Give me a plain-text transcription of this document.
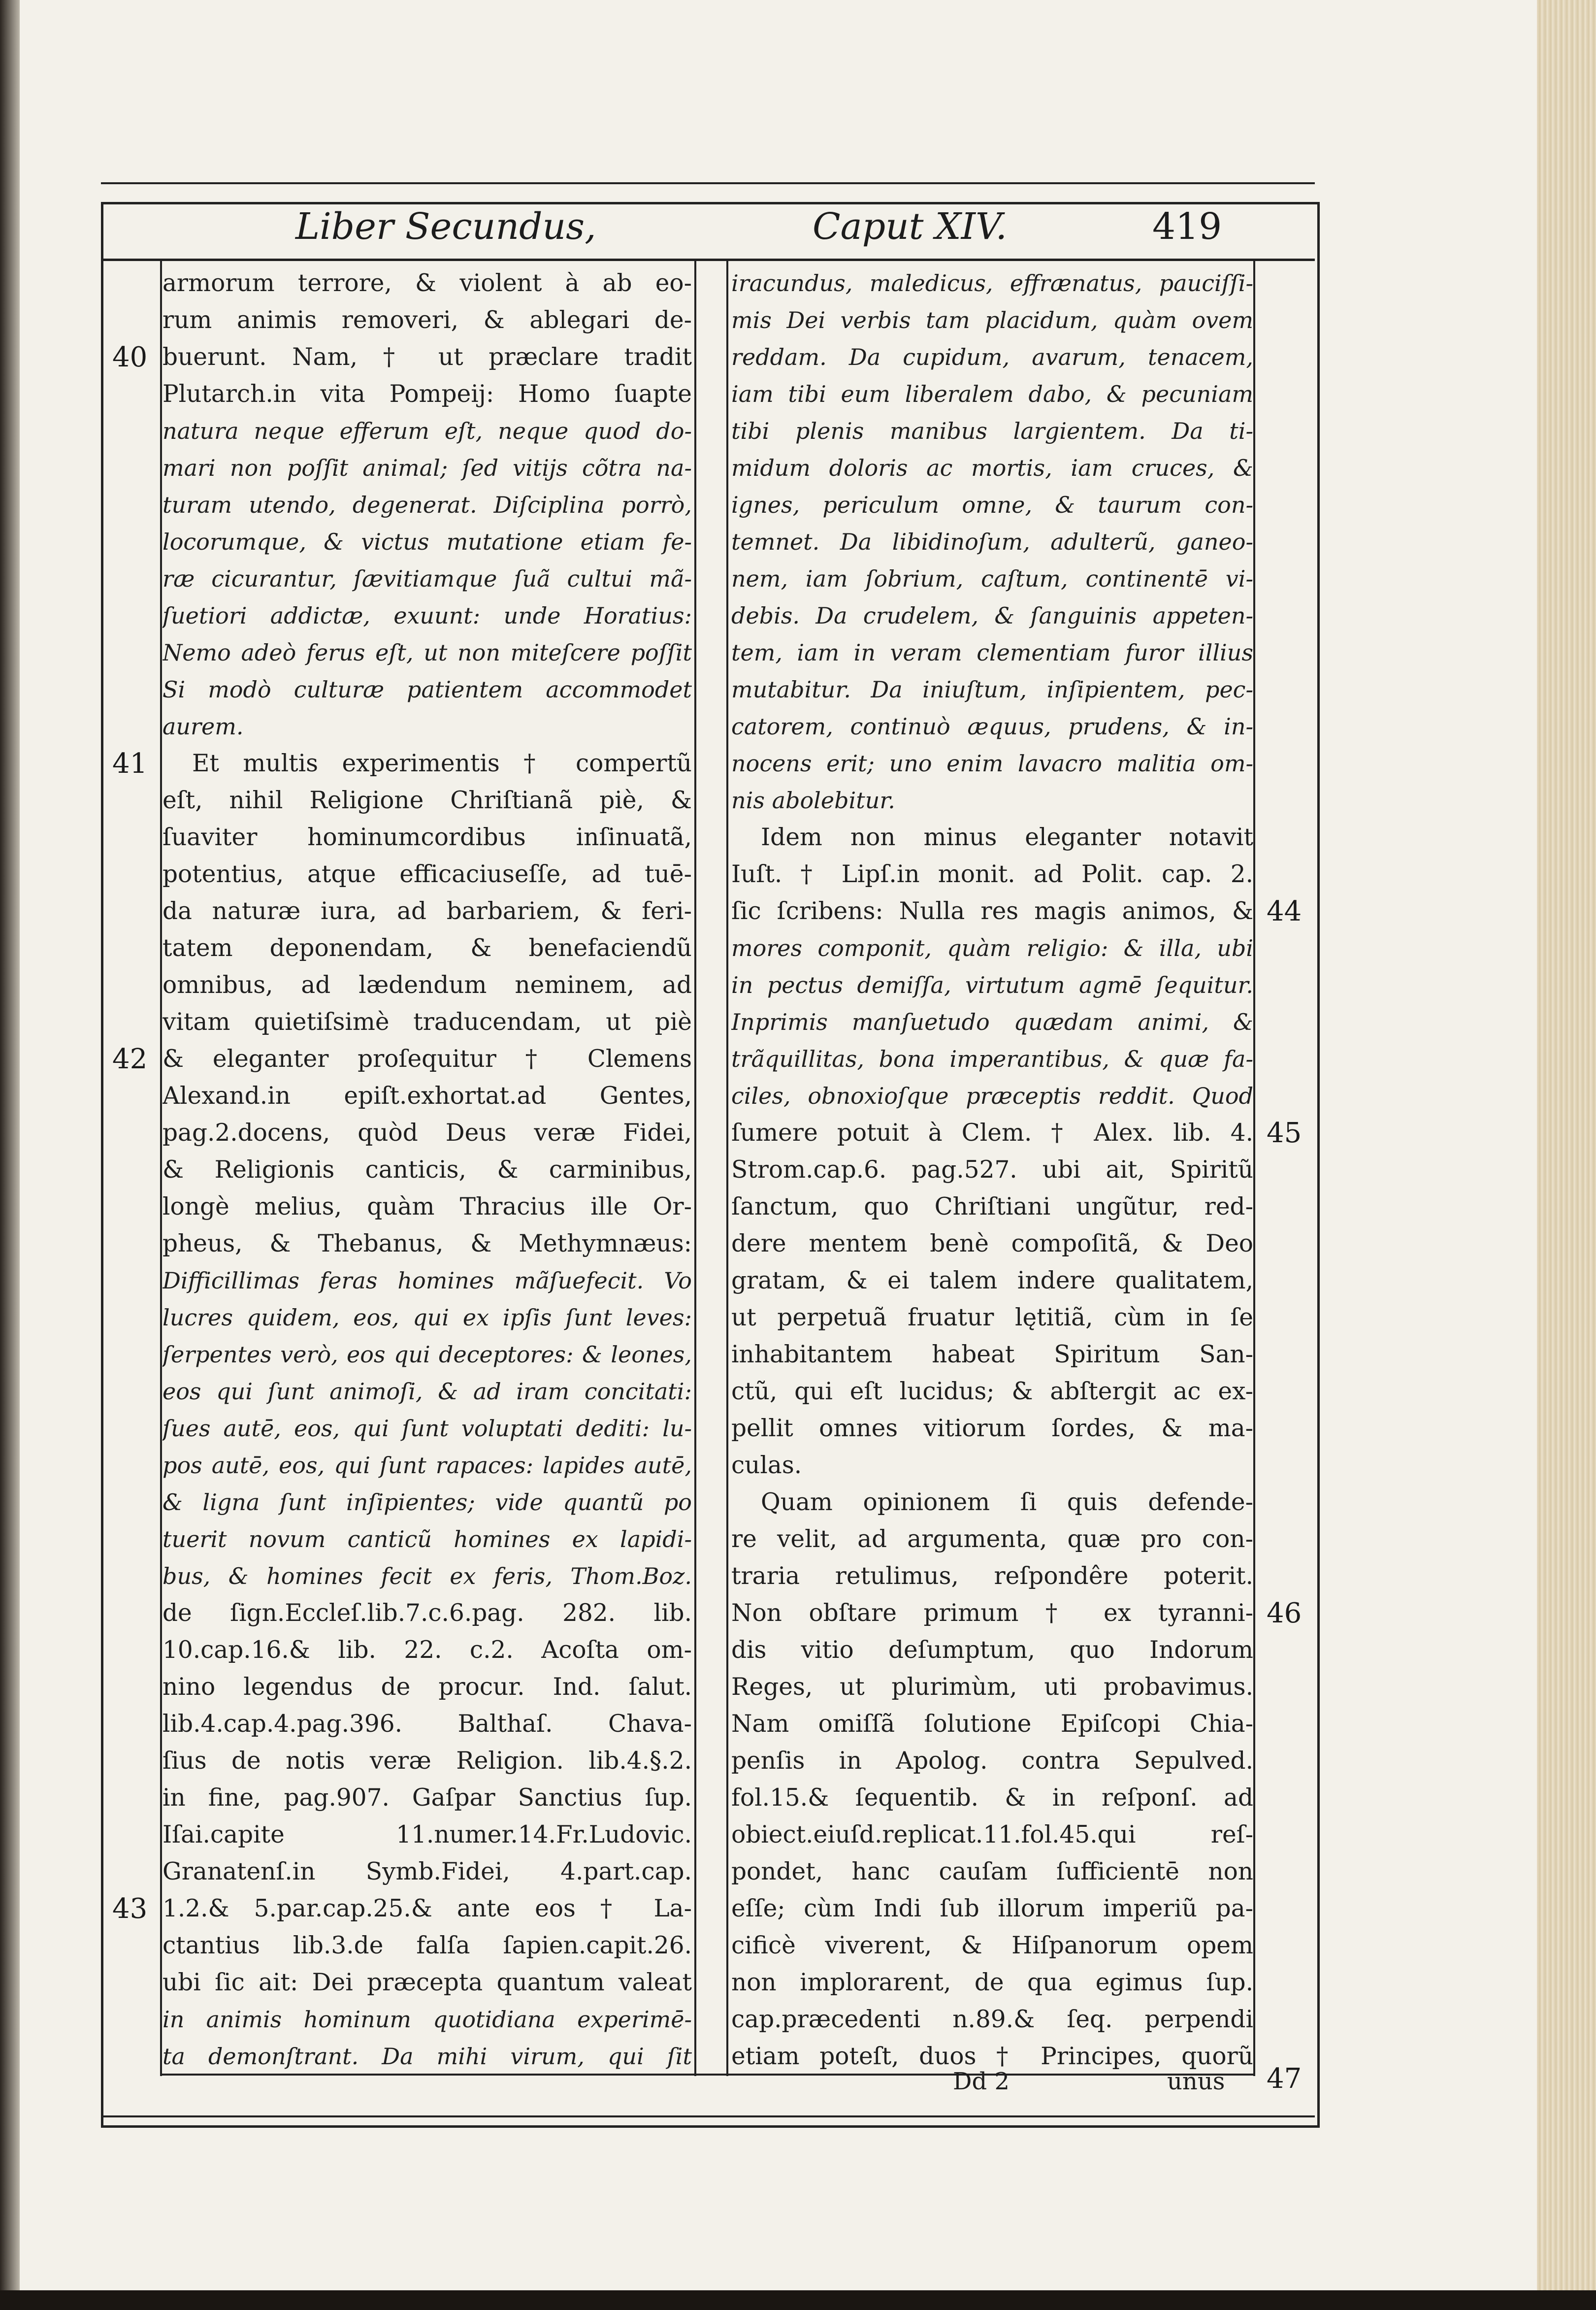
Liber Secundus,	Caput XIV.	419
armorum terrore, & violent à ab eo-
rum animis removeri, & ablegari de-
buerunt. Nam, † ut præclare tradit
Plutarch.in vita Pompeij: Homo ſuapte
natura neque efferum eſt, neque quod do-
mari non poſſit animal; ſed vitijs cõtra na-
turam utendo, degenerat. Diſciplina porrò,
locorumque, & victus mutatione etiam fe-
ræ cicurantur, ſævitiamque ſuã cultui mã-
ſuetiori addictæ, exuunt: unde Horatius:
Nemo adeò ferus eſt, ut non miteſcere poſſit
Si modò culturæ patientem accommodet
aurem.
Et multis experimentis † compertũ
eſt, nihil Religione Chriſtianã piè, &
ſuaviter hominumcordibus inſinuatã,
potentius, atque efficaciuseſſe, ad tuē-
da naturæ iura, ad barbariem, & feri-
tatem deponendam, & benefaciendũ
omnibus, ad lædendum neminem, ad
vitam quietiſsimè traducendam, ut piè
& eleganter proſequitur † Clemens
Alexand.in epiſt.exhortat.ad Gentes,
pag.2.docens, quòd Deus veræ Fidei,
& Religionis canticis, & carminibus,
longè melius, quàm Thracius ille Or-
pheus, & Thebanus, & Methymnæus:
Difficillimas feras homines mãſuefecit. Vo
lucres quidem, eos, qui ex ipſis ſunt leves:
ſerpentes verò, eos qui deceptores: & leones,
eos qui ſunt animoſi, & ad iram concitati:
ſues autē, eos, qui ſunt voluptati dediti: lu-
pos autē, eos, qui ſunt rapaces: lapides autē,
& ligna ſunt inſipientes; vide quantũ po
tuerit novum canticũ homines ex lapidi-
bus, & homines fecit ex feris, Thom.Boz.
de ſign.Eccleſ.lib.7.c.6.pag. 282. lib.
10.cap.16.& lib. 22. c.2. Acoſta om-
nino legendus de procur. Ind. ſalut.
lib.4.cap.4.pag.396. Balthaſ. Chava-
ſius de notis veræ Religion. lib.4.§.2.
in fine, pag.907. Gaſpar Sanctius ſup.
Iſai.capite 11.numer.14.Fr.Ludovic.
Granatenſ.in Symb.Fidei, 4.part.cap.
1.2.& 5.par.cap.25.& ante eos † La-
ctantius lib.3.de falſa ſapien.capit.26.
ubi ſic ait: Dei præcepta quantum valeat
in animis hominum quotidiana experimē-
ta demonſtrant. Da mihi virum, qui ſit
iracundus, maledicus, effrænatus, pauciſſi-
mis Dei verbis tam placidum, quàm ovem
reddam. Da cupidum, avarum, tenacem,
iam tibi eum liberalem dabo, & pecuniam
tibi plenis manibus largientem. Da ti-
midum doloris ac mortis, iam cruces, &
ignes, periculum omne, & taurum con-
temnet. Da libidinoſum, adulterũ, ganeo-
nem, iam ſobrium, caſtum, continentē vi-
debis. Da crudelem, & ſanguinis appeten-
tem, iam in veram clementiam furor illius
mutabitur. Da iniuſtum, inſipientem, pec-
catorem, continuò æquus, prudens, & in-
nocens erit; uno enim lavacro malitia om-
nis abolebitur.
Idem non minus eleganter notavit
Iuſt. † Lipſ.in monit. ad Polit. cap. 2.
ſic ſcribens: Nulla res magis animos, &
mores componit, quàm religio: & illa, ubi
in pectus demiſſa, virtutum agmē ſequitur.
Inprimis manſuetudo quædam animi, &
trãquillitas, bona imperantibus, & quæ fa-
ciles, obnoxioſque præceptis reddit. Quod
ſumere potuit à Clem. † Alex. lib. 4.
Strom.cap.6. pag.527. ubi ait, Spiritũ
ſanctum, quo Chriſtiani ungũtur, red-
dere mentem benè compoſitã, & Deo
gratam, & ei talem indere qualitatem,
ut perpetuã fruatur lętitiã, cùm in ſe
inhabitantem habeat Spiritum San-
ctũ, qui eſt lucidus; & abſtergit ac ex-
pellit omnes vitiorum ſordes, & ma-
culas.
Quam opinionem ſi quis defende-
re velit, ad argumenta, quæ pro con-
traria retulimus, reſpondêre poterit.
Non obſtare primum † ex tyranni-
dis vitio deſumptum, quo Indorum
Reges, ut plurimùm, uti probavimus.
Nam omiſſã ſolutione Epiſcopi Chia-
penſis in Apolog. contra Sepulved.
fol.15.& ſequentib. & in reſponſ. ad
obiect.eiuſd.replicat.11.fol.45.qui reſ-
pondet, hanc cauſam ſufficientē non
eſſe; cùm Indi ſub illorum imperiũ pa-
cificè viverent, & Hiſpanorum opem
non implorarent, de qua egimus ſup.
cap.præcedenti n.89.& ſeq. perpendi
etiam poteſt, duos † Principes, quorũ
40
41
42
43
44
45
46
47
Dd 2	unus
